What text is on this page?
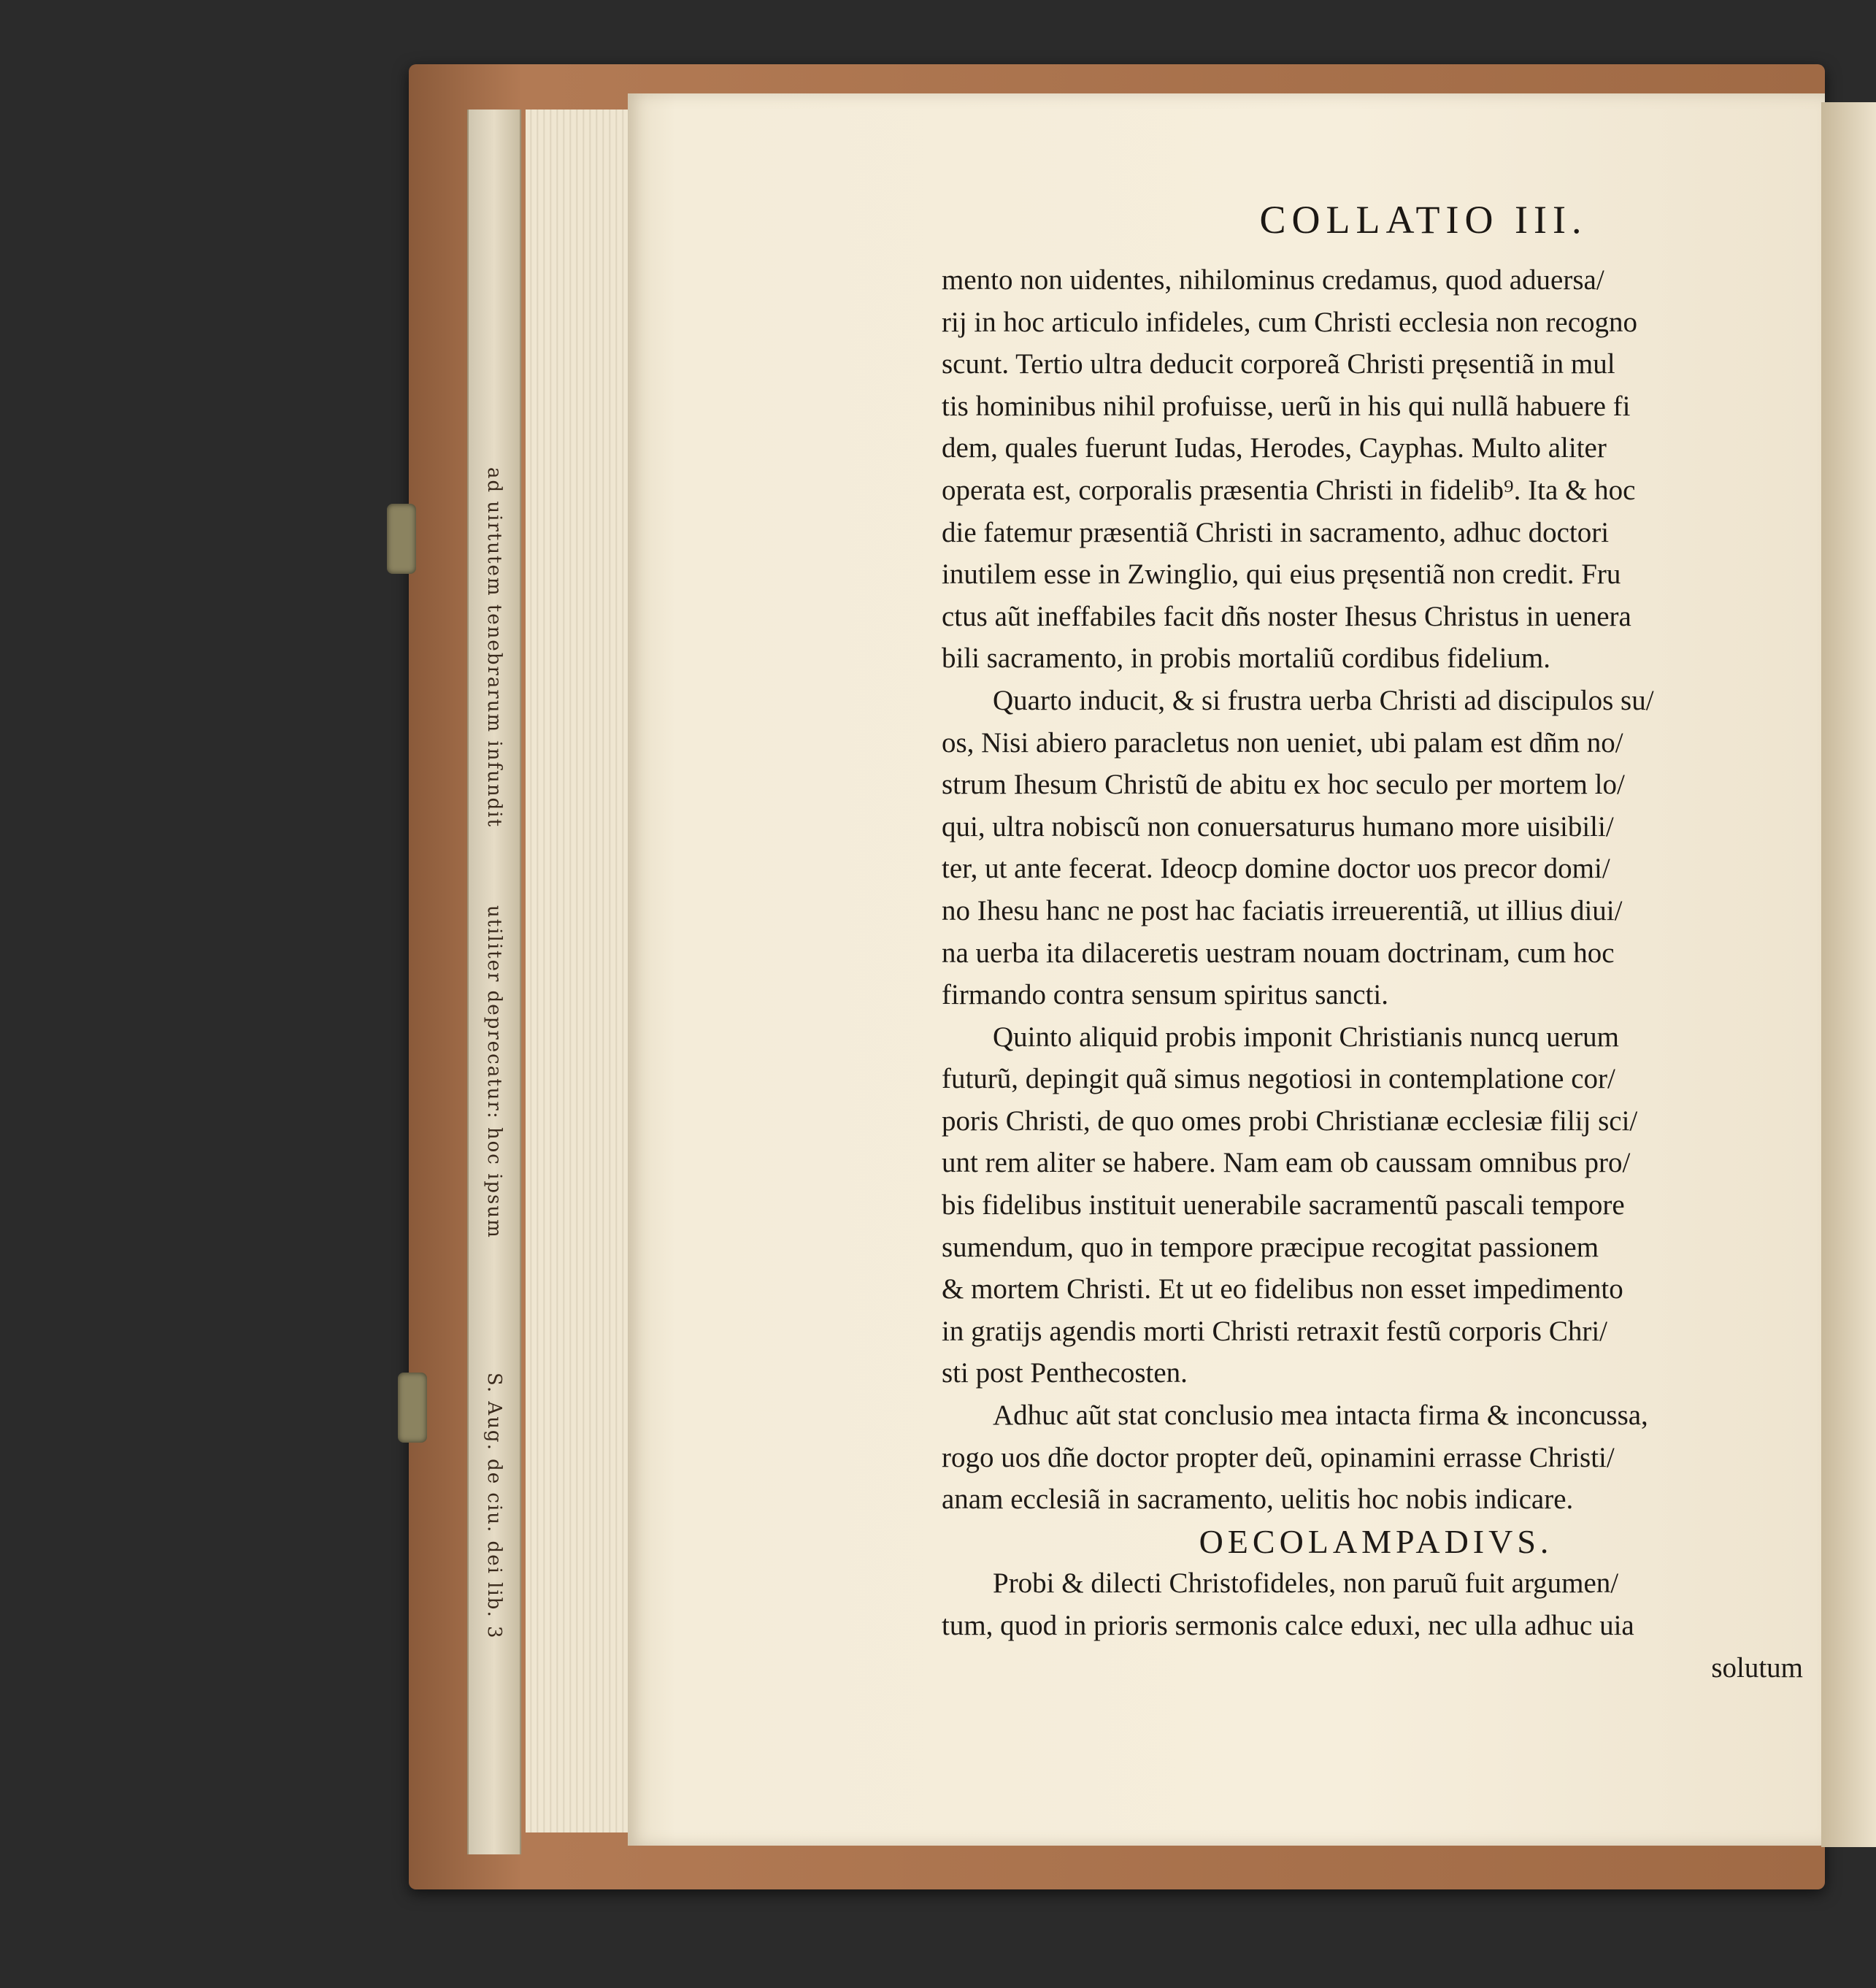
ad uirtutem tenebrarum infundit
utiliter deprecatur: hoc ipsum
S. Aug. de ciu. dei lib. 3
COLLATIO III.
mento non uidentes, nihilominus credamus, quod aduersa/
rij in hoc articulo infideles, cum Christi ecclesia non recogno
scunt. Tertio ultra deducit corporeã Christi pręsentiã in mul
tis hominibus nihil profuisse, uerũ in his qui nullã habuere fi
dem, quales fuerunt Iudas, Herodes, Cayphas. Multo aliter
operata est, corporalis præsentia Christi in fidelib⁹. Ita & hoc
die fatemur præsentiã Christi in sacramento, adhuc doctori
inutilem esse in Zwinglio, qui eius pręsentiã non credit. Fru
ctus aũt ineffabiles facit dñs noster Ihesus Christus in uenera
bili sacramento, in probis mortaliũ cordibus fidelium.
Quarto inducit, & si frustra uerba Christi ad discipulos su/
os, Nisi abiero paracletus non ueniet, ubi palam est dñm no/
strum Ihesum Christũ de abitu ex hoc seculo per mortem lo/
qui, ultra nobiscũ non conuersaturus humano more uisibili/
ter, ut ante fecerat. Ideocp domine doctor uos precor domi/
no Ihesu hanc ne post hac faciatis irreuerentiã, ut illius diui/
na uerba ita dilaceretis uestram nouam doctrinam, cum hoc
firmando contra sensum spiritus sancti.
Quinto aliquid probis imponit Christianis nuncq uerum
futurũ, depingit quã simus negotiosi in contemplatione cor/
poris Christi, de quo omes probi Christianæ ecclesiæ filij sci/
unt rem aliter se habere. Nam eam ob caussam omnibus pro/
bis fidelibus instituit uenerabile sacramentũ pascali tempore
sumendum, quo in tempore præcipue recogitat passionem
& mortem Christi. Et ut eo fidelibus non esset impedimento
in gratijs agendis morti Christi retraxit festũ corporis Chri/
sti post Penthecosten.
Adhuc aũt stat conclusio mea intacta firma & inconcussa,
rogo uos dñe doctor propter deũ, opinamini errasse Christi/
anam ecclesiã in sacramento, uelitis hoc nobis indicare.
OECOLAMPADIVS.
Probi & dilecti Christofideles, non paruũ fuit argumen/
tum, quod in prioris sermonis calce eduxi, nec ulla adhuc uia
solutum
